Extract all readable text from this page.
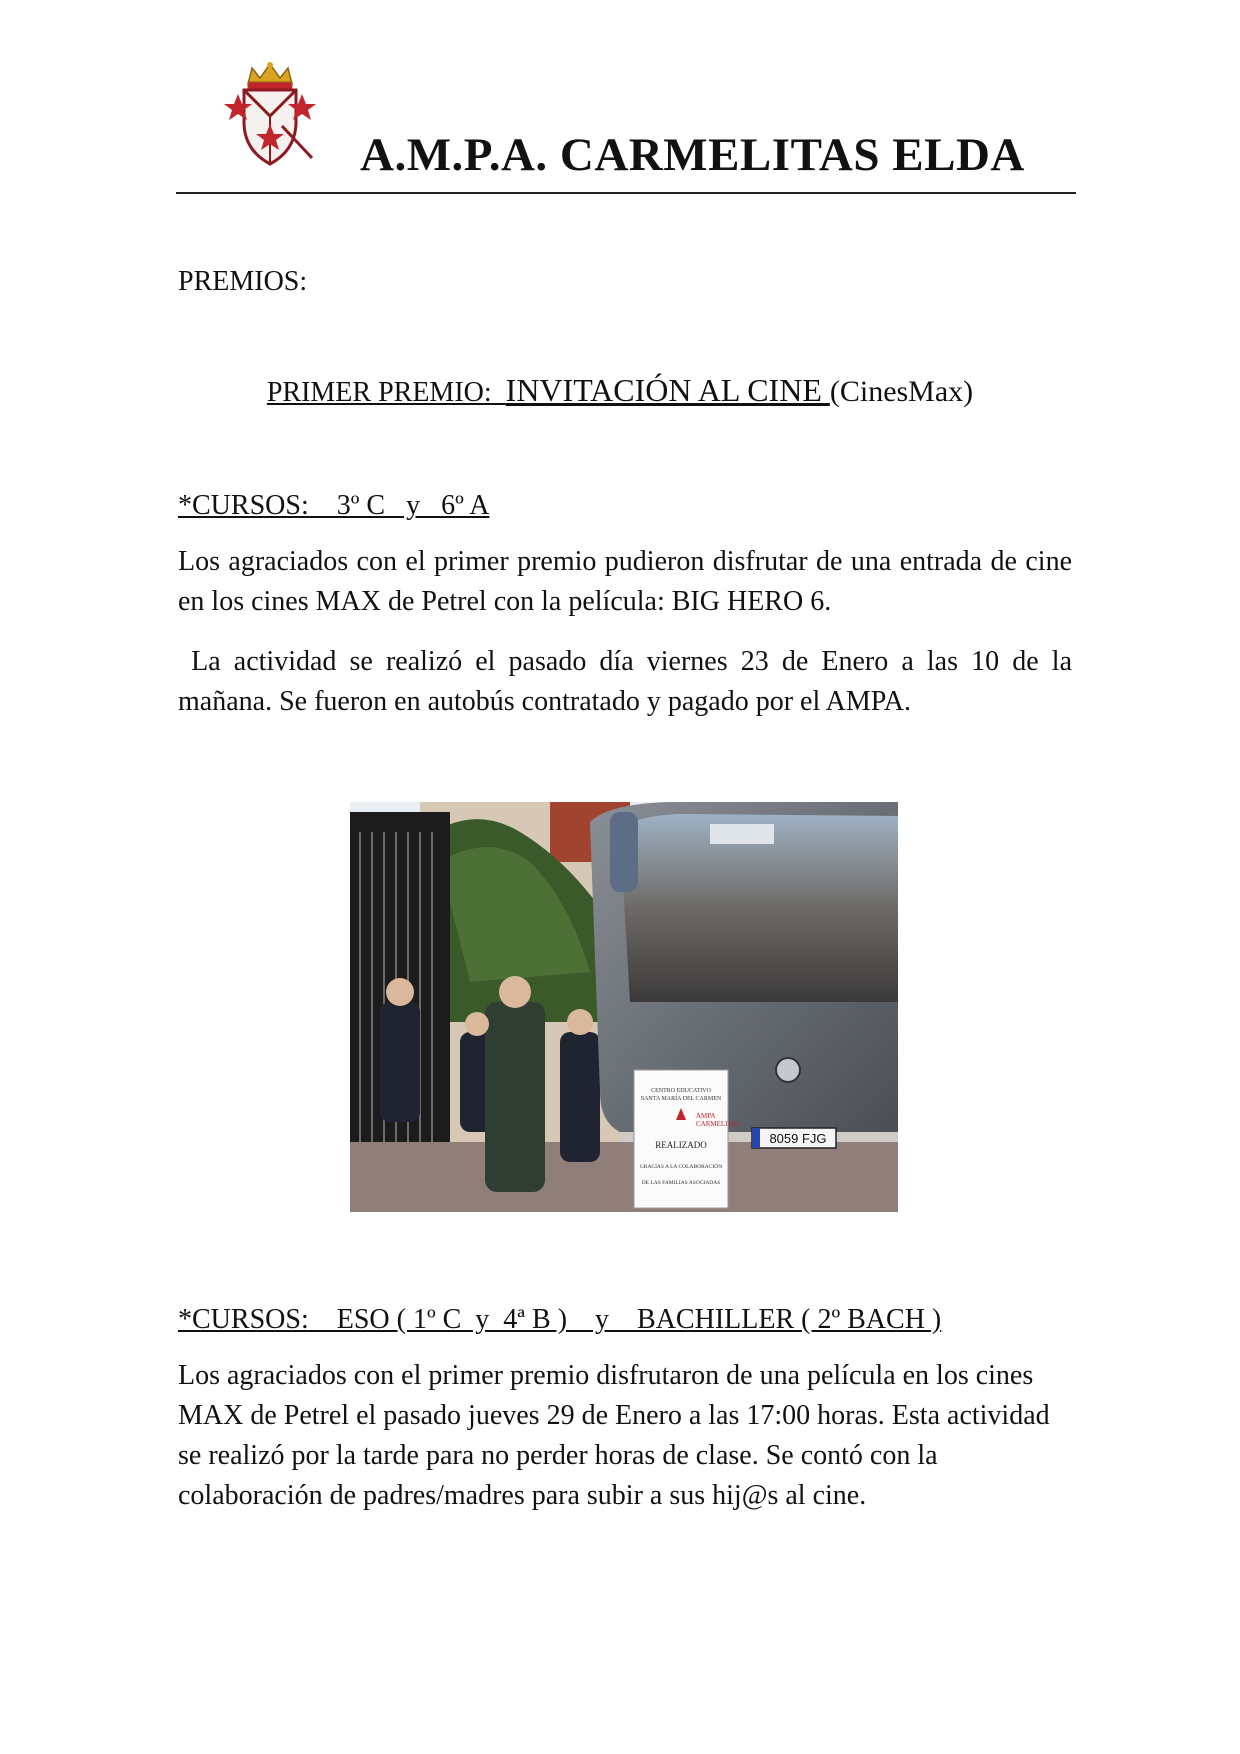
A.M.P.A. CARMELITAS ELDA

PREMIOS:

PRIMER PREMIO: INVITACIÓN AL CINE (CinesMax)

*CURSOS:    3º C   y   6º A

Los agraciados con el primer premio pudieron disfrutar de una entrada de cine en los cines MAX de Petrel con la película: BIG HERO 6.

La actividad se realizó el pasado día viernes 23 de Enero a las 10 de la mañana. Se fueron en autobús contratado y pagado por el AMPA.

8059 FJG
CENTRO EDUCATIVO
SANTA MARÍA DEL CARMEN
AMPA
CARMELITAS
REALIZADO
GRACIAS A LA COLABORACIÓN
DE LAS FAMILIAS ASOCIADAS

*CURSOS:    ESO ( 1º C  y  4ª B )    y    BACHILLER ( 2º BACH )

Los agraciados con el primer premio disfrutaron de una película en los cines MAX de Petrel el pasado jueves 29 de Enero a las 17:00 horas. Esta actividad se realizó por la tarde para no perder horas de clase. Se contó con la colaboración de padres/madres para subir a sus hij@s al cine.
